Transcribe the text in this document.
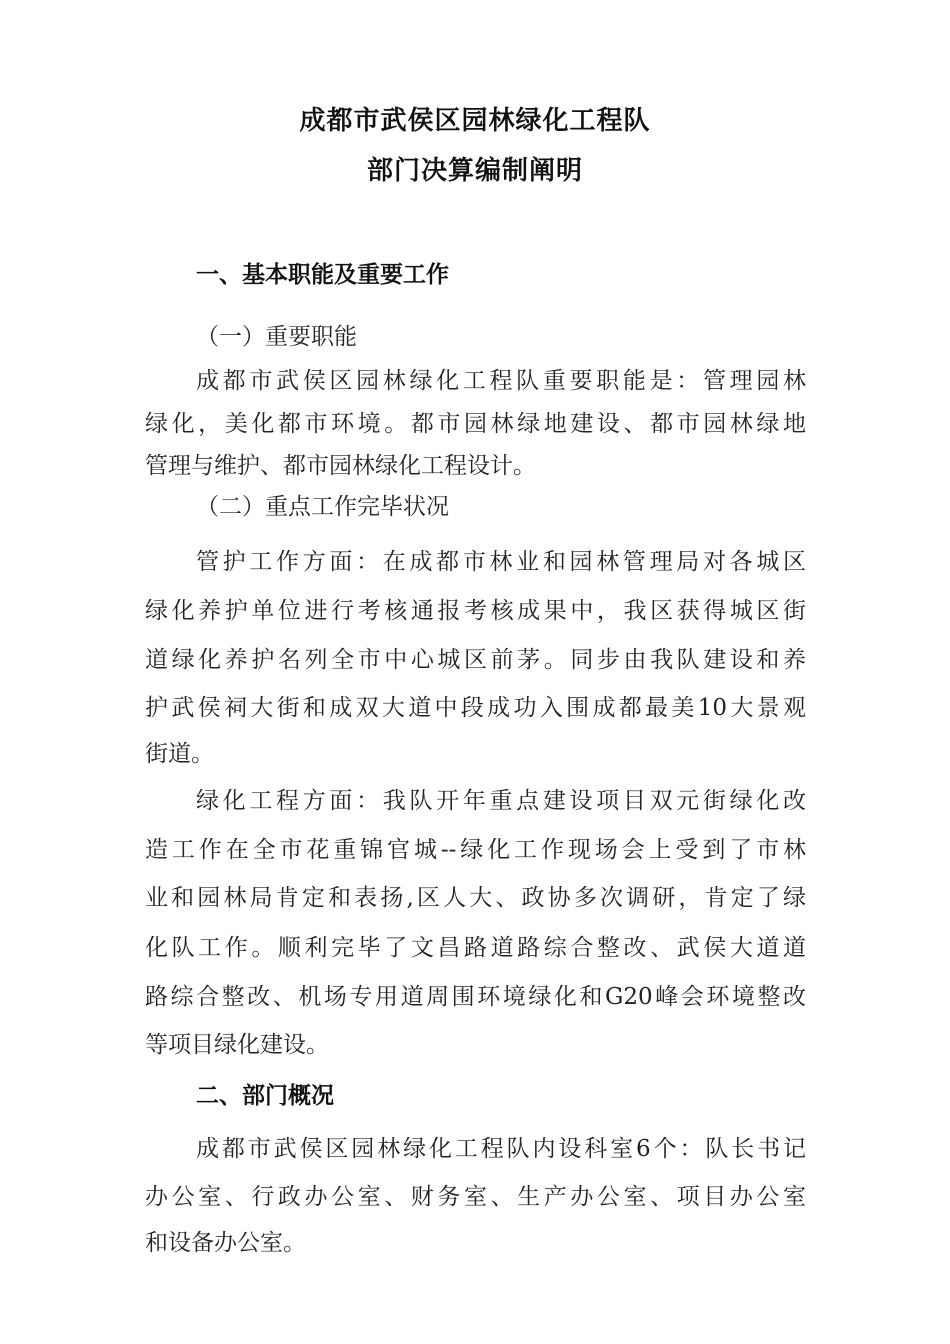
成都市武侯区园林绿化工程队
部门决算编制阐明
一、基本职能及重要工作
（一）重要职能
成都市武侯区园林绿化工程队重要职能是：管理园林
绿化，美化都市环境。都市园林绿地建设、都市园林绿地
管理与维护、都市园林绿化工程设计。
（二）重点工作完毕状况
管护工作方面：在成都市林业和园林管理局对各城区
绿化养护单位进行考核通报考核成果中，我区获得城区街
道绿化养护名列全市中心城区前茅。同步由我队建设和养
护武侯祠大街和成双大道中段成功入围成都最美10大景观
街道。
绿化工程方面：我队开年重点建设项目双元街绿化改
造工作在全市花重锦官城--绿化工作现场会上受到了市林
业和园林局肯定和表扬,区人大、政协多次调研，肯定了绿
化队工作。顺利完毕了文昌路道路综合整改、武侯大道道
路综合整改、机场专用道周围环境绿化和G20峰会环境整改
等项目绿化建设。
二、部门概况
成都市武侯区园林绿化工程队内设科室6个：队长书记
办公室、行政办公室、财务室、生产办公室、项目办公室
和设备办公室。
